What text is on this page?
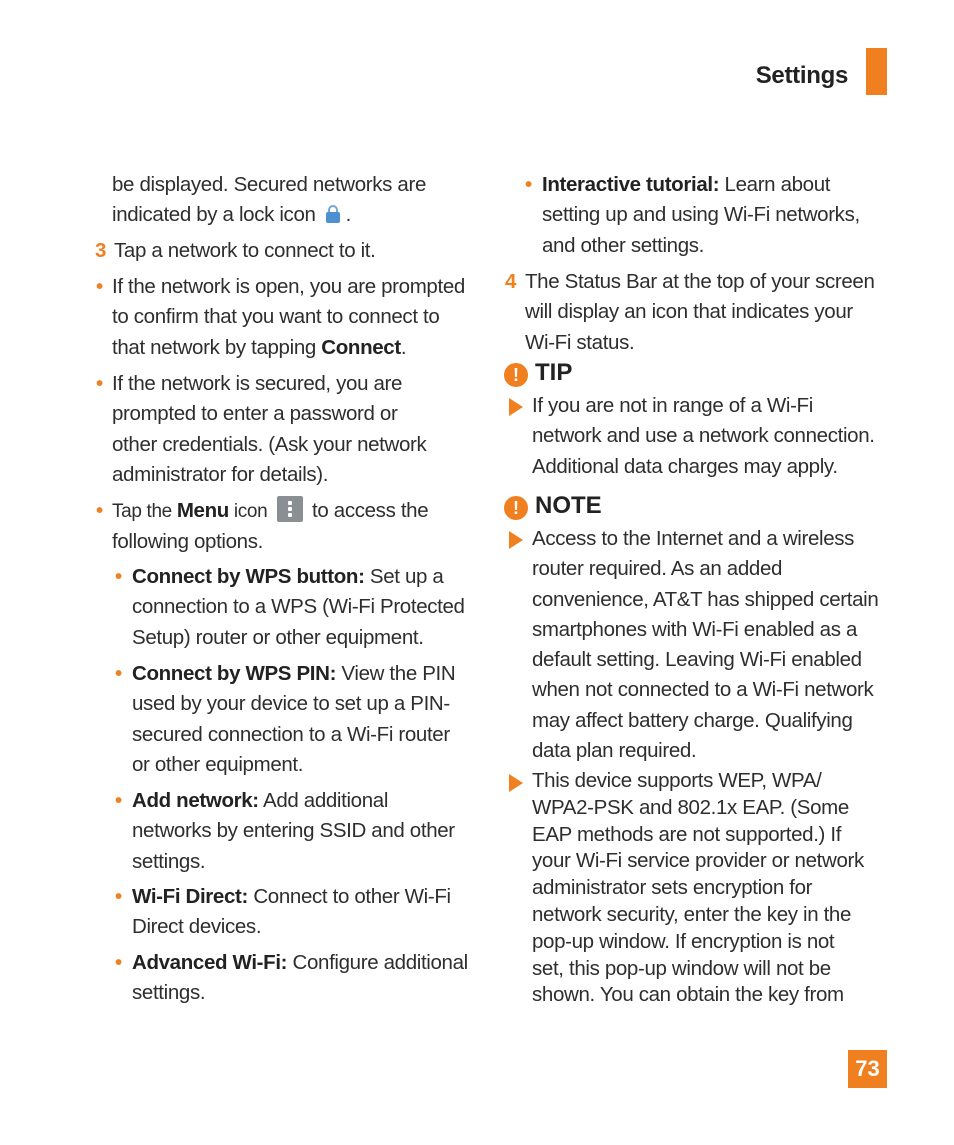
Settings

be displayed. Secured networks are

indicated by a lock icon .

3 Tap a network to connect to it.

• If the network is open, you are prompted

to confirm that you want to connect to

that network by tapping Connect.

• If the network is secured, you are

prompted to enter a password or

other credentials. (Ask your network

administrator for details).

• Tap the Menu icon
to access the

following options.

• Connect by WPS button: Set up a

connection to a WPS (Wi-Fi Protected

Setup) router or other equipment.

• Connect by WPS PIN: View the PIN

used by your device to set up a PIN-

secured connection to a Wi-Fi router

or other equipment.

• Add network: Add additional

networks by entering SSID and other

settings.

• Wi-Fi Direct: Connect to other Wi-Fi

Direct devices.

• Advanced Wi-Fi: Configure additional

settings.

• Interactive tutorial: Learn about

setting up and using Wi-Fi networks,

and other settings.

4 The Status Bar at the top of your screen

will display an icon that indicates your

Wi-Fi status.

! TIP

If you are not in range of a Wi-Fi

network and use a network connection.

Additional data charges may apply.

! NOTE

Access to the Internet and a wireless

router required. As an added

convenience, AT&T has shipped certain

smartphones with Wi-Fi enabled as a

default setting. Leaving Wi-Fi enabled

when not connected to a Wi-Fi network

may affect battery charge. Qualifying

data plan required.

This device supports WEP, WPA/

WPA2-PSK and 802.1x EAP. (Some

EAP methods are not supported.) If

your Wi-Fi service provider or network

administrator sets encryption for

network security, enter the key in the

pop-up window. If encryption is not

set, this pop-up window will not be

shown. You can obtain the key from

73
